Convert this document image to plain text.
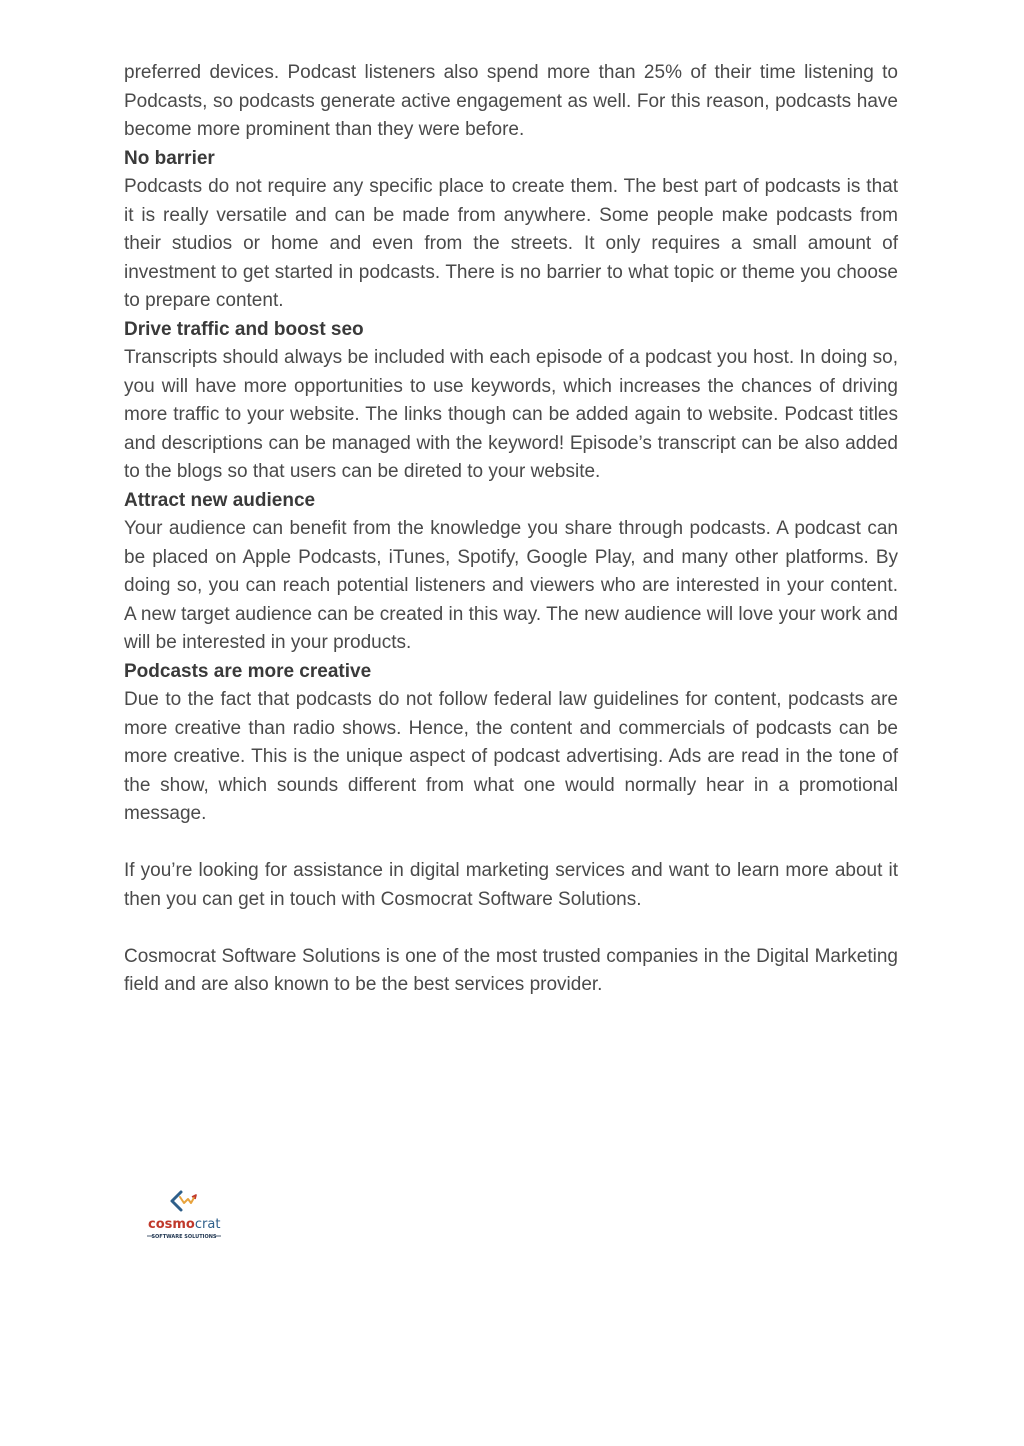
preferred devices. Podcast listeners also spend more than 25% of their time listening to Podcasts, so podcasts generate active engagement as well. For this reason, podcasts have become more prominent than they were before.

No barrier

Podcasts do not require any specific place to create them. The best part of podcasts is that it is really versatile and can be made from anywhere. Some people make podcasts from their studios or home and even from the streets. It only requires a small amount of investment to get started in podcasts. There is no barrier to what topic or theme you choose to prepare content.

Drive traffic and boost seo

Transcripts should always be included with each episode of a podcast you host. In doing so, you will have more opportunities to use keywords, which increases the chances of driving more traffic to your website. The links though can be added again to website. Podcast titles and descriptions can be managed with the keyword! Episode’s transcript can be also added to the blogs so that users can be direted to your website.

Attract new audience

Your audience can benefit from the knowledge you share through podcasts. A podcast can be placed on Apple Podcasts, iTunes, Spotify, Google Play, and many other platforms. By doing so, you can reach potential listeners and viewers who are interested in your content. A new target audience can be created in this way. The new audience will love your work and will be interested in your products.

Podcasts are more creative

Due to the fact that podcasts do not follow federal law guidelines for content, podcasts are more creative than radio shows. Hence, the content and commercials of podcasts can be more creative. This is the unique aspect of podcast advertising. Ads are read in the tone of the show, which sounds different from what one would normally hear in a promotional message.

If you’re looking for assistance in digital marketing services and want to learn more about it then you can get in touch with Cosmocrat Software Solutions.

Cosmocrat Software Solutions is one of the most trusted companies in the Digital Marketing field and are also known to be the best services provider.

cosmocrat
SOFTWARE SOLUTIONS
